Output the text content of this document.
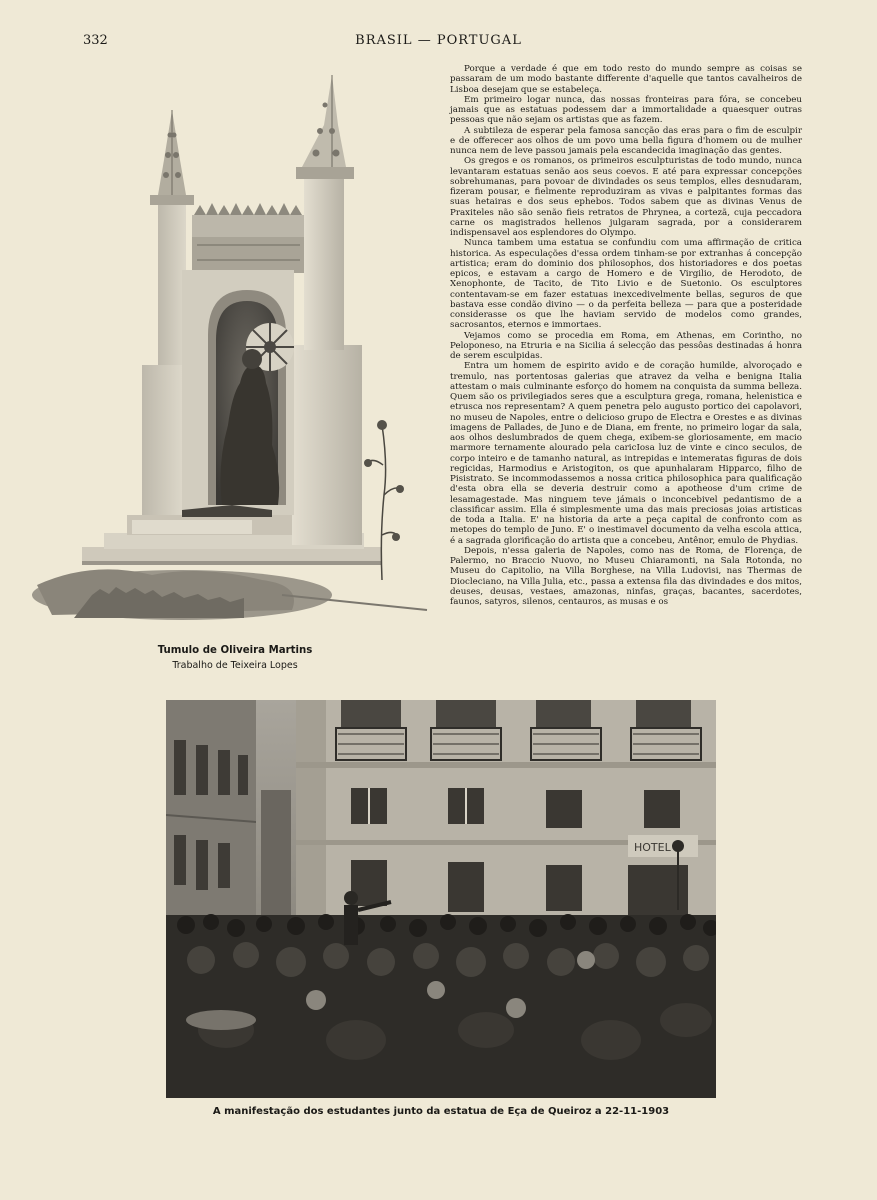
332	BRASIL — PORTUGAL
Tumulo de Oliveira Martins
Trabalho de Teixeira Lopes

Porque a verdade é que em todo resto do mundo sempre as coisas se passaram de um modo bastante differente d'aquelle que tantos cavalheiros de Lisboa desejam que se estabeleça.

Em primeiro logar nunca, das nossas fronteiras para fóra, se concebeu jamais que as estatuas podessem dar a immortalidade a quaesquer outras pessoas que não sejam os artistas que as fazem.

A subtileza de esperar pela famosa sancção das eras para o fim de esculpir e de offerecer aos olhos de um povo uma bella figura d'homem ou de mulher nunca nem de leve passou jamais pela escandecida imaginação das gentes.

Os gregos e os romanos, os primeiros esculpturistas de todo mundo, nunca levantaram estatuas senão aos seus coevos. E até para expressar concepções sobrehumanas, para povoar de divindades os seus templos, elles desnudaram, fizeram pousar, e fielmente reproduziram as vivas e palpitantes formas das suas hetairas e dos seus ephebos. Todos sabem que as divinas Venus de Praxiteles não são senão fieis retratos de Phrynea, a cortezã, cuja peccadora carne os magistrados hellenos julgaram sagrada, por a considerarem indispensavel aos esplendores do Olympo.

Nunca tambem uma estatua se confundiu com uma affirmação de critica historica. As especulações d'essa ordem tinham-se por extranhas á concepção artistica; eram do dominio dos philosophos, dos historiadores e dos poetas epicos, e estavam a cargo de Homero e de Virgilio, de Herodoto, de Xenophonte, de Tacito, de Tito Livio e de Suetonio. Os esculptores contentavam-se em fazer estatuas inexcedivelmente bellas, seguros de que bastava esse condão divino — o da perfeita belleza — para que a posteridade considerasse os que lhe haviam servido de modelos como grandes, sacrosantos, eternos e immortaes.

Vejamos como se procedia em Roma, em Athenas, em Corintho, no Peloponeso, na Etruria e na Sicilia á selecção das pessôas destinadas á honra de serem esculpidas.

Entra um homem de espirito avido e de coração humilde, alvoroçado e tremulo, nas portentosas galerias que atravez da velha e benigna Italia attestam o mais culminante esforço do homem na conquista da summa belleza. Quem são os privilegiados seres que a esculptura grega, romana, helenistica e etrusca nos representam? A quem penetra pelo augusto portico dei capolavori, no museu de Napoles, entre o delicioso grupo de Electra e Orestes e as divinas imagens de Pallades, de Juno e de Diana, em frente, no primeiro logar da sala, aos olhos deslumbrados de quem chega, exibem-se gloriosamente, em macio marmore ternamente alourado pela caricIosa luz de vinte e cinco seculos, de corpo inteiro e de tamanho natural, as intrepidas e intemeratas figuras de dois regicidas, Harmodius e Aristogiton, os que apunhalaram Hipparco, filho de Pisistrato. Se incommodassemos a nossa critica philosophica para qualificação d'esta obra ella se deveria destruir como a apotheose d'um crime de lesamagestade. Mas ninguem teve jámais o inconcebivel pedantismo de a classificar assim. Ella é simplesmente uma das mais preciosas joias artisticas de toda a Italia. E' na historia da arte a peça capital de confronto com as metopes do templo de Juno. E' o inestimavel documento da velha escola attica, é a sagrada glorificação do artista que a concebeu, Antênor, emulo de Phydias.

Depois, n'essa galeria de Napoles, como nas de Roma, de Florença, de Palermo, no Braccio Nuovo, no Museu Chiaramonti, na Sala Rotonda, no Museu do Capitolio, na Villa Borghese, na Villa Ludovisi, nas Thermas de Diocleciano, na Villa Julia, etc., passa a extensa fila das divindades e dos mitos, deuses, deusas, vestaes, amazonas, ninfas, graças, bacantes, sacerdotes, faunos, satyros, silenos, centauros, as musas e os

HOTEL
A manifestação dos estudantes junto da estatua de Eça de Queiroz a 22-11-1903
